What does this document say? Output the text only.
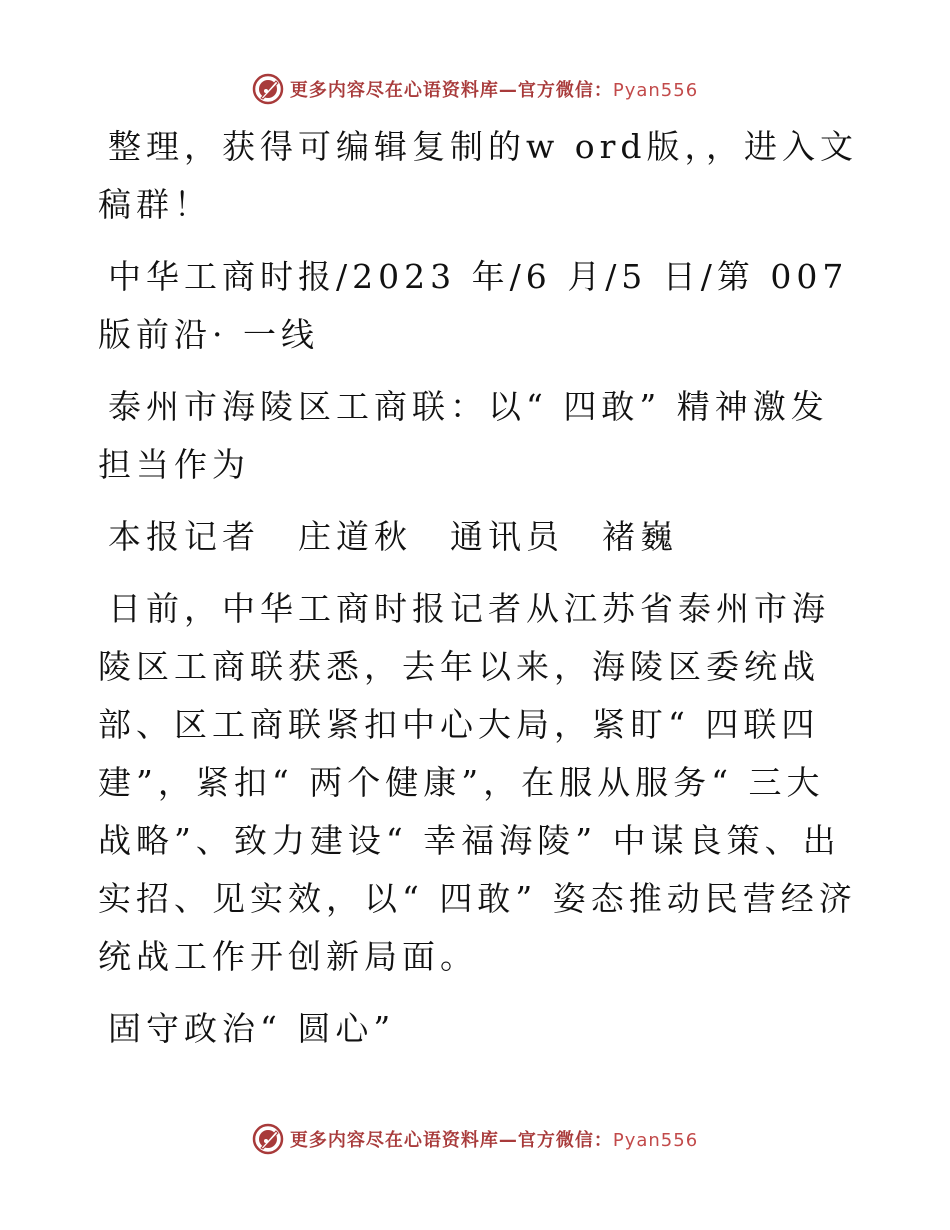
更多内容尽在心语资料库—官方微信：Pyan556

整理，获得可编辑复制的w ord版，，进入文稿群！

中华工商时报/2023 年/6 月/5 日/第 007 版前沿· 一线

泰州市海陵区工商联：以“ 四敢” 精神激发担当作为

本报记者　庄道秋　通讯员　褚巍

日前，中华工商时报记者从江苏省泰州市海陵区工商联获悉，去年以来，海陵区委统战部、区工商联紧扣中心大局，紧盯“ 四联四建”，紧扣“ 两个健康”，在服从服务“ 三大战略”、致力建设“ 幸福海陵” 中谋良策、出实招、见实效，以“ 四敢” 姿态推动民营经济统战工作开创新局面。

固守政治“ 圆心”

更多内容尽在心语资料库—官方微信：Pyan556
